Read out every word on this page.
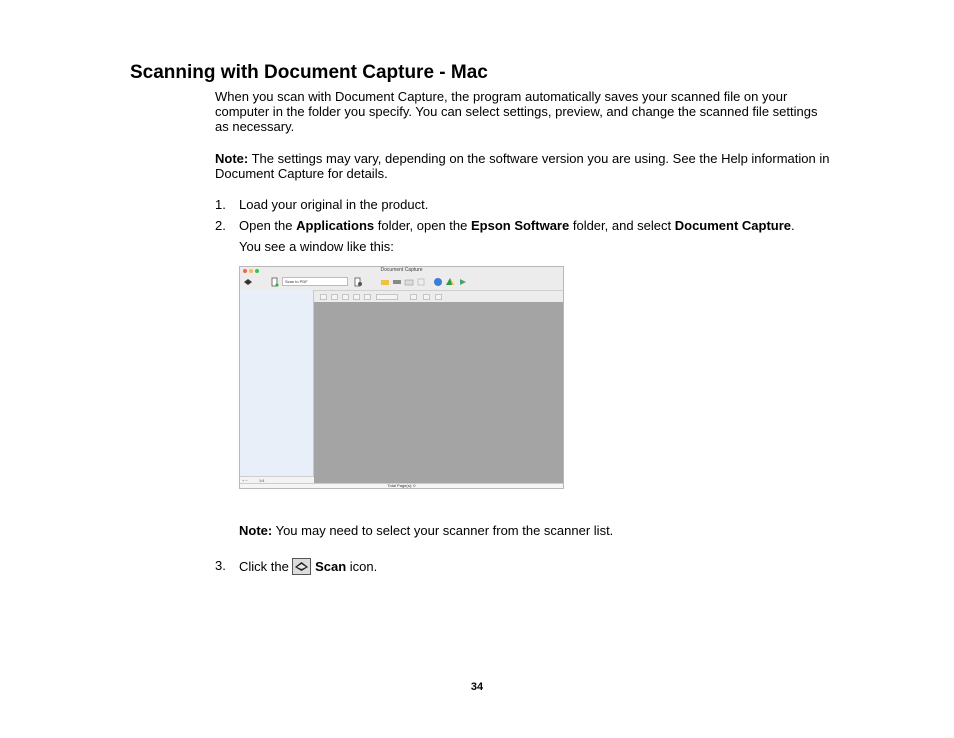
Scanning with Document Capture - Mac

When you scan with Document Capture, the program automatically saves your scanned file on your computer in the folder you specify. You can select settings, preview, and change the scanned file settings as necessary.

Note: The settings may vary, depending on the software version you are using. See the Help information in Document Capture for details.

1.	Load your original in the product.
2.	Open the Applications folder, open the Epson Software folder, and select Document Capture.

You see a window like this:

Document Capture
Scan to PDF
+ −	1/4
Total Page(s): 0

Note: You may need to select your scanner from the scanner list.

3.	Click the
Scan icon.
34
